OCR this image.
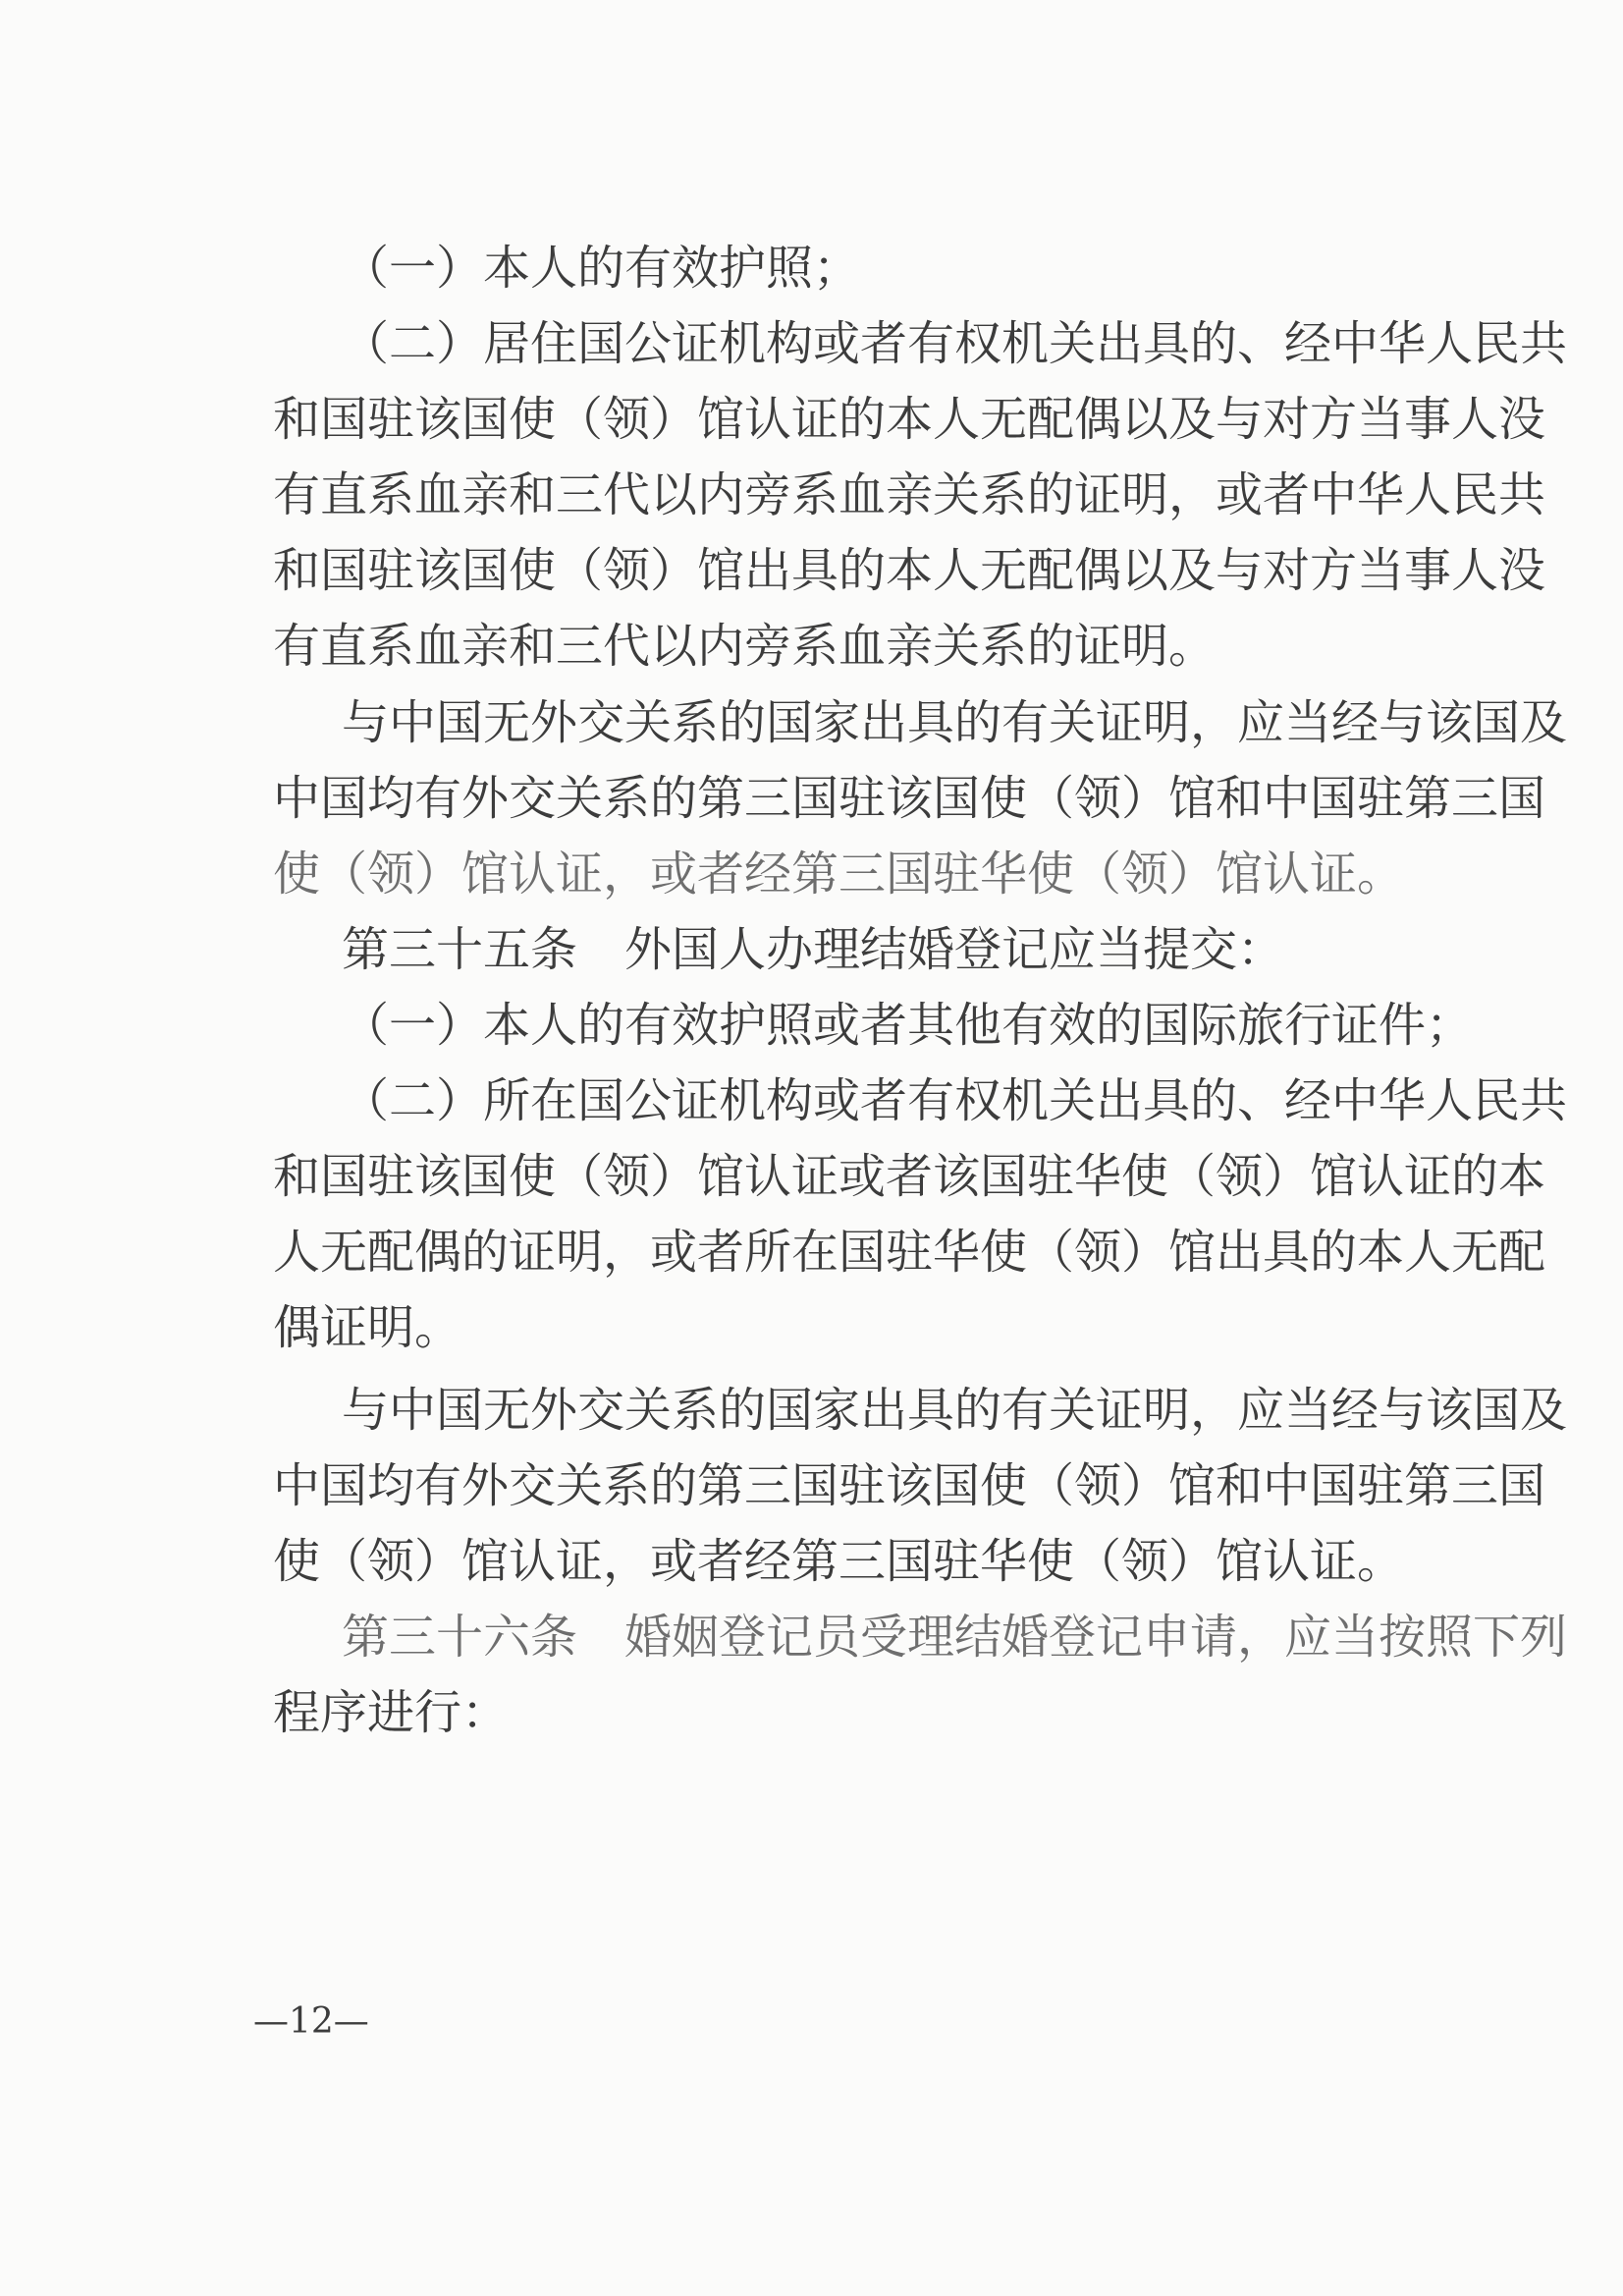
（一）本人的有效护照；
（二）居住国公证机构或者有权机关出具的、经中华人民共
和国驻该国使（领）馆认证的本人无配偶以及与对方当事人没
有直系血亲和三代以内旁系血亲关系的证明，或者中华人民共
和国驻该国使（领）馆出具的本人无配偶以及与对方当事人没
有直系血亲和三代以内旁系血亲关系的证明。
与中国无外交关系的国家出具的有关证明，应当经与该国及
中国均有外交关系的第三国驻该国使（领）馆和中国驻第三国
使（领）馆认证，或者经第三国驻华使（领）馆认证。
第三十五条　外国人办理结婚登记应当提交：
（一）本人的有效护照或者其他有效的国际旅行证件；
（二）所在国公证机构或者有权机关出具的、经中华人民共
和国驻该国使（领）馆认证或者该国驻华使（领）馆认证的本
人无配偶的证明，或者所在国驻华使（领）馆出具的本人无配
偶证明。
与中国无外交关系的国家出具的有关证明，应当经与该国及
中国均有外交关系的第三国驻该国使（领）馆和中国驻第三国
使（领）馆认证，或者经第三国驻华使（领）馆认证。
第三十六条　婚姻登记员受理结婚登记申请，应当按照下列
程序进行：
—12—
